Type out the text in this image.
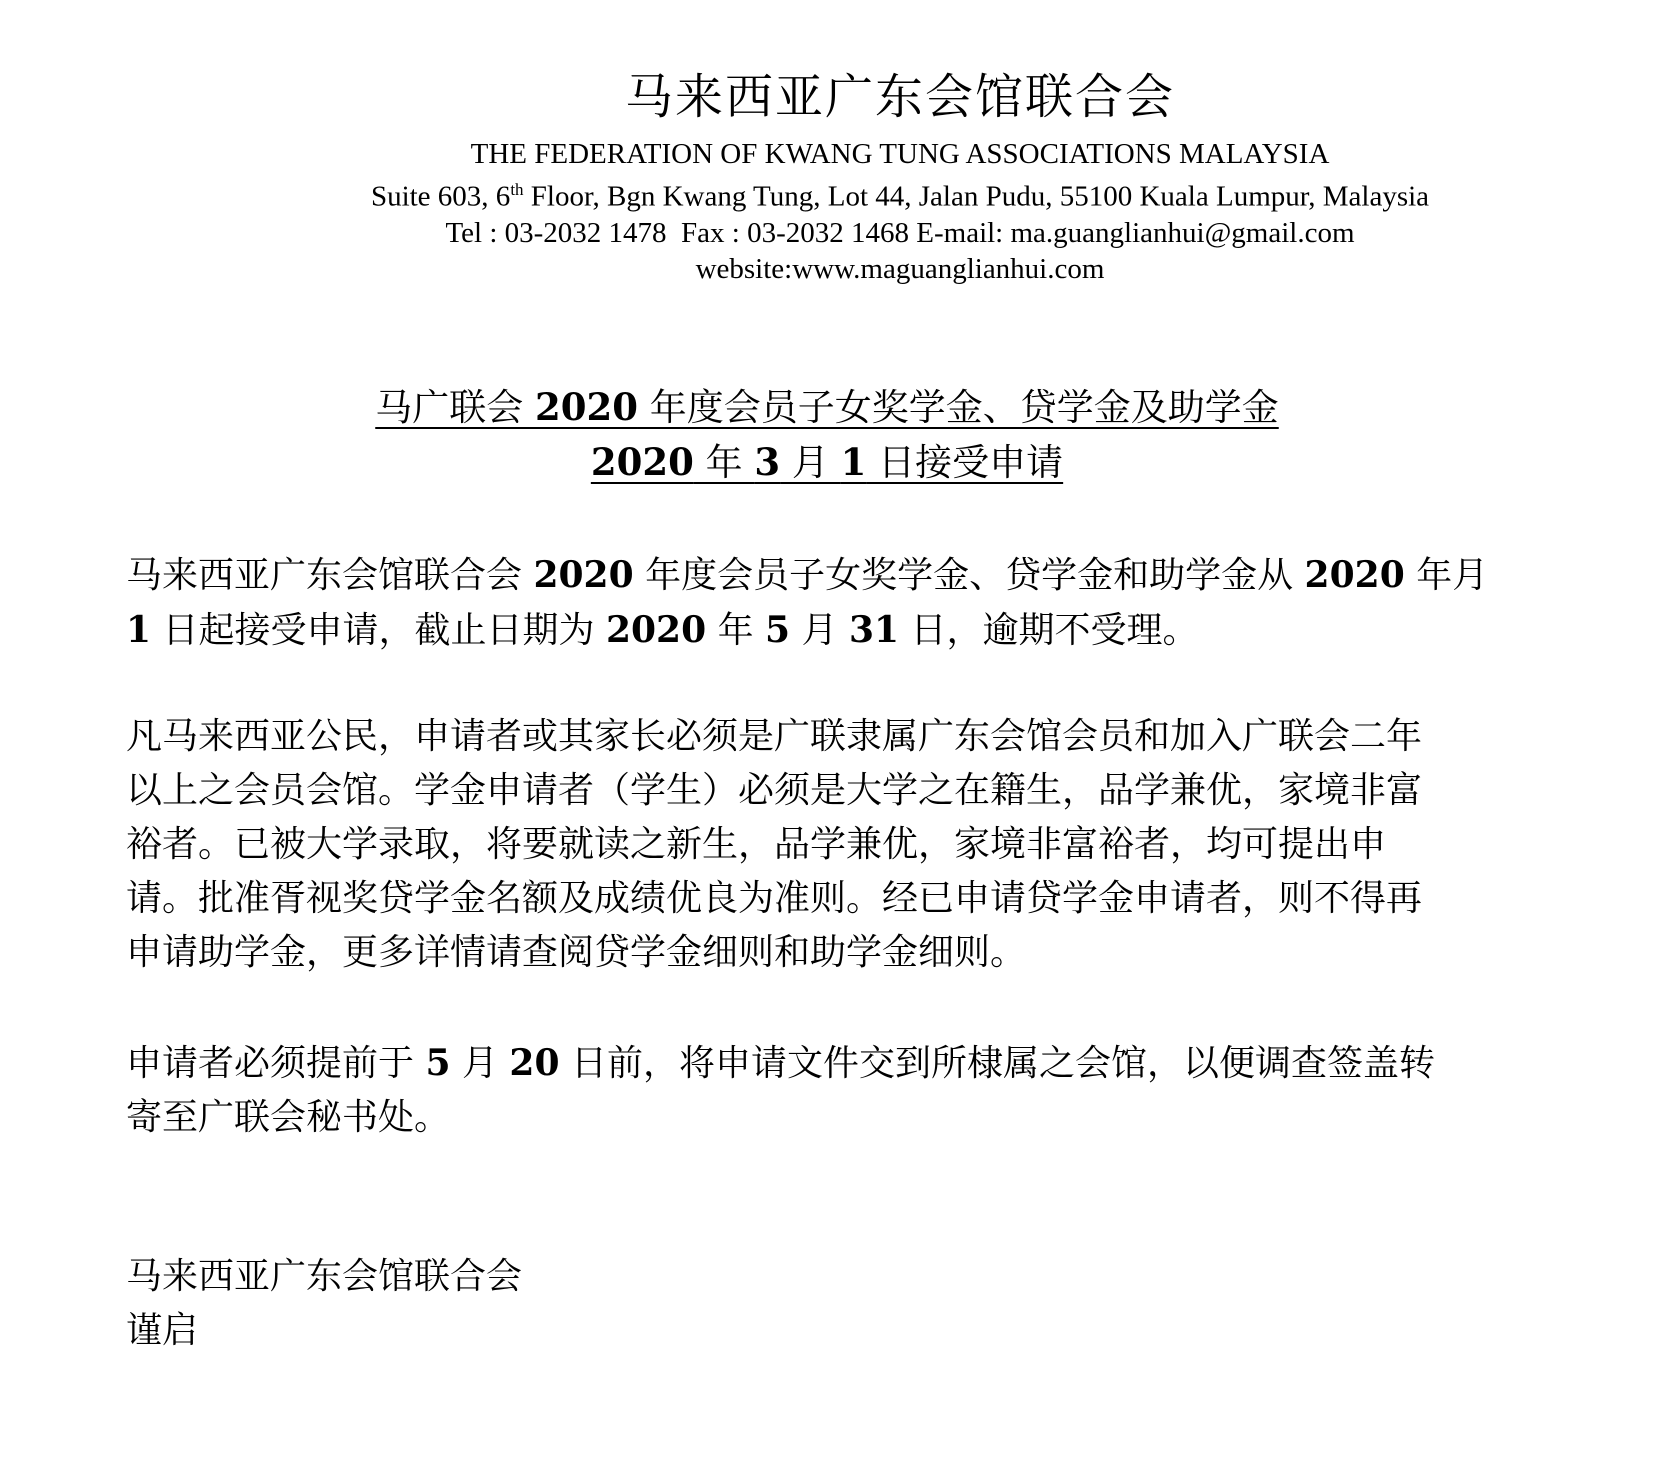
马来西亚广东会馆联合会
THE FEDERATION OF KWANG TUNG ASSOCIATIONS MALAYSIA
Suite 603, 6th Floor, Bgn Kwang Tung, Lot 44, Jalan Pudu, 55100 Kuala Lumpur, Malaysia
Tel : 03-2032 1478  Fax : 03-2032 1468 E-mail: ma.guanglianhui@gmail.com
website:www.maguanglianhui.com
马广联会 2020 年度会员子女奖学金、贷学金及助学金
2020 年 3 月 1 日接受申请
马来西亚广东会馆联合会 2020 年度会员子女奖学金、贷学金和助学金从 2020 年月
1 日起接受申请，截止日期为 2020 年 5 月 31 日，逾期不受理。
凡马来西亚公民，申请者或其家长必须是广联隶属广东会馆会员和加入广联会二年
以上之会员会馆。学金申请者（学生）必须是大学之在籍生，品学兼优，家境非富
裕者。已被大学录取，将要就读之新生，品学兼优，家境非富裕者，均可提出申
请。批准胥视奖贷学金名额及成绩优良为准则。经已申请贷学金申请者，则不得再
申请助学金，更多详情请查阅贷学金细则和助学金细则。
申请者必须提前于 5 月 20 日前，将申请文件交到所棣属之会馆，以便调查签盖转
寄至广联会秘书处。
马来西亚广东会馆联合会
谨启
